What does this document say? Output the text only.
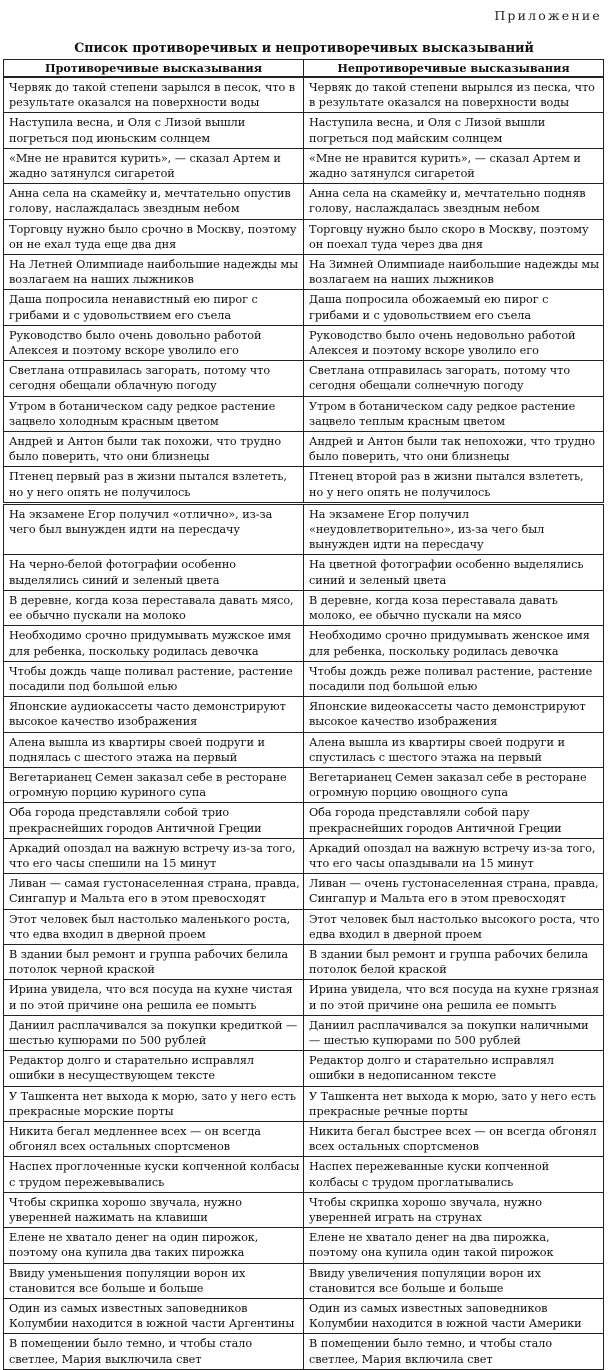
Приложение
Список противоречивых и непротиворечивых высказываний
Противоречивые высказывания	Непротиворечивые высказывания
Червяк до такой степени зарылся в песок, что в результате оказался на поверхности воды	Червяк до такой степени вырылся из песка, что в результате оказался на поверхности воды
Наступила весна, и Оля с Лизой вышли погреться под июньским солнцем	Наступила весна, и Оля с Лизой вышли погреться под майским солнцем
«Мне не нравится курить», — сказал Артем и жадно затянулся сигаретой	«Мне не нравится курить», — сказал Артем и жадно затянулся сигаретой
Анна села на скамейку и, мечтательно опустив голову, наслаждалась звездным небом	Анна села на скамейку и, мечтательно подняв голову, наслаждалась звездным небом
Торговцу нужно было срочно в Москву, поэтому он не ехал туда еще два дня	Торговцу нужно было скоро в Москву, поэтому он поехал туда через два дня
На Летней Олимпиаде наибольшие надежды мы возлагаем на наших лыжников	На Зимней Олимпиаде наибольшие надежды мы возлагаем на наших лыжников
Даша попросила ненавистный ею пирог с грибами и с удовольствием его съела	Даша попросила обожаемый ею пирог с грибами и с удовольствием его съела
Руководство было очень довольно работой Алексея и поэтому вскоре уволило его	Руководство было очень недовольно работой Алексея и поэтому вскоре уволило его
Светлана отправилась загорать, потому что сегодня обещали облачную погоду	Светлана отправилась загорать, потому что сегодня обещали солнечную погоду
Утром в ботаническом саду редкое растение зацвело холодным красным цветом	Утром в ботаническом саду редкое растение зацвело теплым красным цветом
Андрей и Антон были так похожи, что трудно было поверить, что они близнецы	Андрей и Антон были так непохожи, что трудно было поверить, что они близнецы
Птенец первый раз в жизни пытался взлететь, но у него опять не получилось	Птенец второй раз в жизни пытался взлететь, но у него опять не получилось
На экзамене Егор получил «отлично», из-за чего был вынужден идти на пересдачу	На экзамене Егор получил «неудовлетворительно», из-за чего был вынужден идти на пересдачу
На черно-белой фотографии особенно выделялись синий и зеленый цвета	На цветной фотографии особенно выделялись синий и зеленый цвета
В деревне, когда коза переставала давать мясо, ее обычно пускали на молоко	В деревне, когда коза переставала давать молоко, ее обычно пускали на мясо
Необходимо срочно придумывать мужское имя для ребенка, поскольку родилась девочка	Необходимо срочно придумывать женское имя для ребенка, поскольку родилась девочка
Чтобы дождь чаще поливал растение, растение посадили под большой елью	Чтобы дождь реже поливал растение, растение посадили под большой елью
Японские аудиокассеты часто демонстрируют высокое качество изображения	Японские видеокассеты часто демонстрируют высокое качество изображения
Алена вышла из квартиры своей подруги и поднялась с шестого этажа на первый	Алена вышла из квартиры своей подруги и спустилась с шестого этажа на первый
Вегетарианец Семен заказал себе в ресторане огромную порцию куриного супа	Вегетарианец Семен заказал себе в ресторане огромную порцию овощного супа
Оба города представляли собой трио прекраснейших городов Античной Греции	Оба города представляли собой пару прекраснейших городов Античной Греции
Аркадий опоздал на важную встречу из-за того, что его часы спешили на 15 минут	Аркадий опоздал на важную встречу из-за того, что его часы опаздывали на 15 минут
Ливан — самая густонаселенная страна, правда, Сингапур и Мальта его в этом превосходят	Ливан — очень густонаселенная страна, правда, Сингапур и Мальта его в этом превосходят
Этот человек был настолько маленького роста, что едва входил в дверной проем	Этот человек был настолько высокого роста, что едва входил в дверной проем
В здании был ремонт и группа рабочих белила потолок черной краской	В здании был ремонт и группа рабочих белила потолок белой краской
Ирина увидела, что вся посуда на кухне чистая и по этой причине она решила ее помыть	Ирина увидела, что вся посуда на кухне грязная и по этой причине она решила ее помыть
Даниил расплачивался за покупки кредиткой — шестью купюрами по 500 рублей	Даниил расплачивался за покупки наличными — шестью купюрами по 500 рублей
Редактор долго и старательно исправлял ошибки в несуществующем тексте	Редактор долго и старательно исправлял ошибки в недописанном тексте
У Ташкента нет выхода к морю, зато у него есть прекрасные морские порты	У Ташкента нет выхода к морю, зато у него есть прекрасные речные порты
Никита бегал медленнее всех — он всегда обгонял всех остальных спортсменов	Никита бегал быстрее всех — он всегда обгонял всех остальных спортсменов
Наспех проглоченные куски копченной колбасы с трудом пережевывались	Наспех пережеванные куски копченной колбасы с трудом проглатывались
Чтобы скрипка хорошо звучала, нужно уверенней нажимать на клавиши	Чтобы скрипка хорошо звучала, нужно уверенней играть на струнах
Елене не хватало денег на один пирожок, поэтому она купила два таких пирожка	Елене не хватало денег на два пирожка, поэтому она купила один такой пирожок
Ввиду уменьшения популяции ворон их становится все больше и больше	Ввиду увеличения популяции ворон их становится все больше и больше
Один из самых известных заповедников Колумбии находится в южной части Аргентины	Один из самых известных заповедников Колумбии находится в южной части Америки
В помещении было темно, и чтобы стало светлее, Мария выключила свет	В помещении было темно, и чтобы стало светлее, Мария включила свет
